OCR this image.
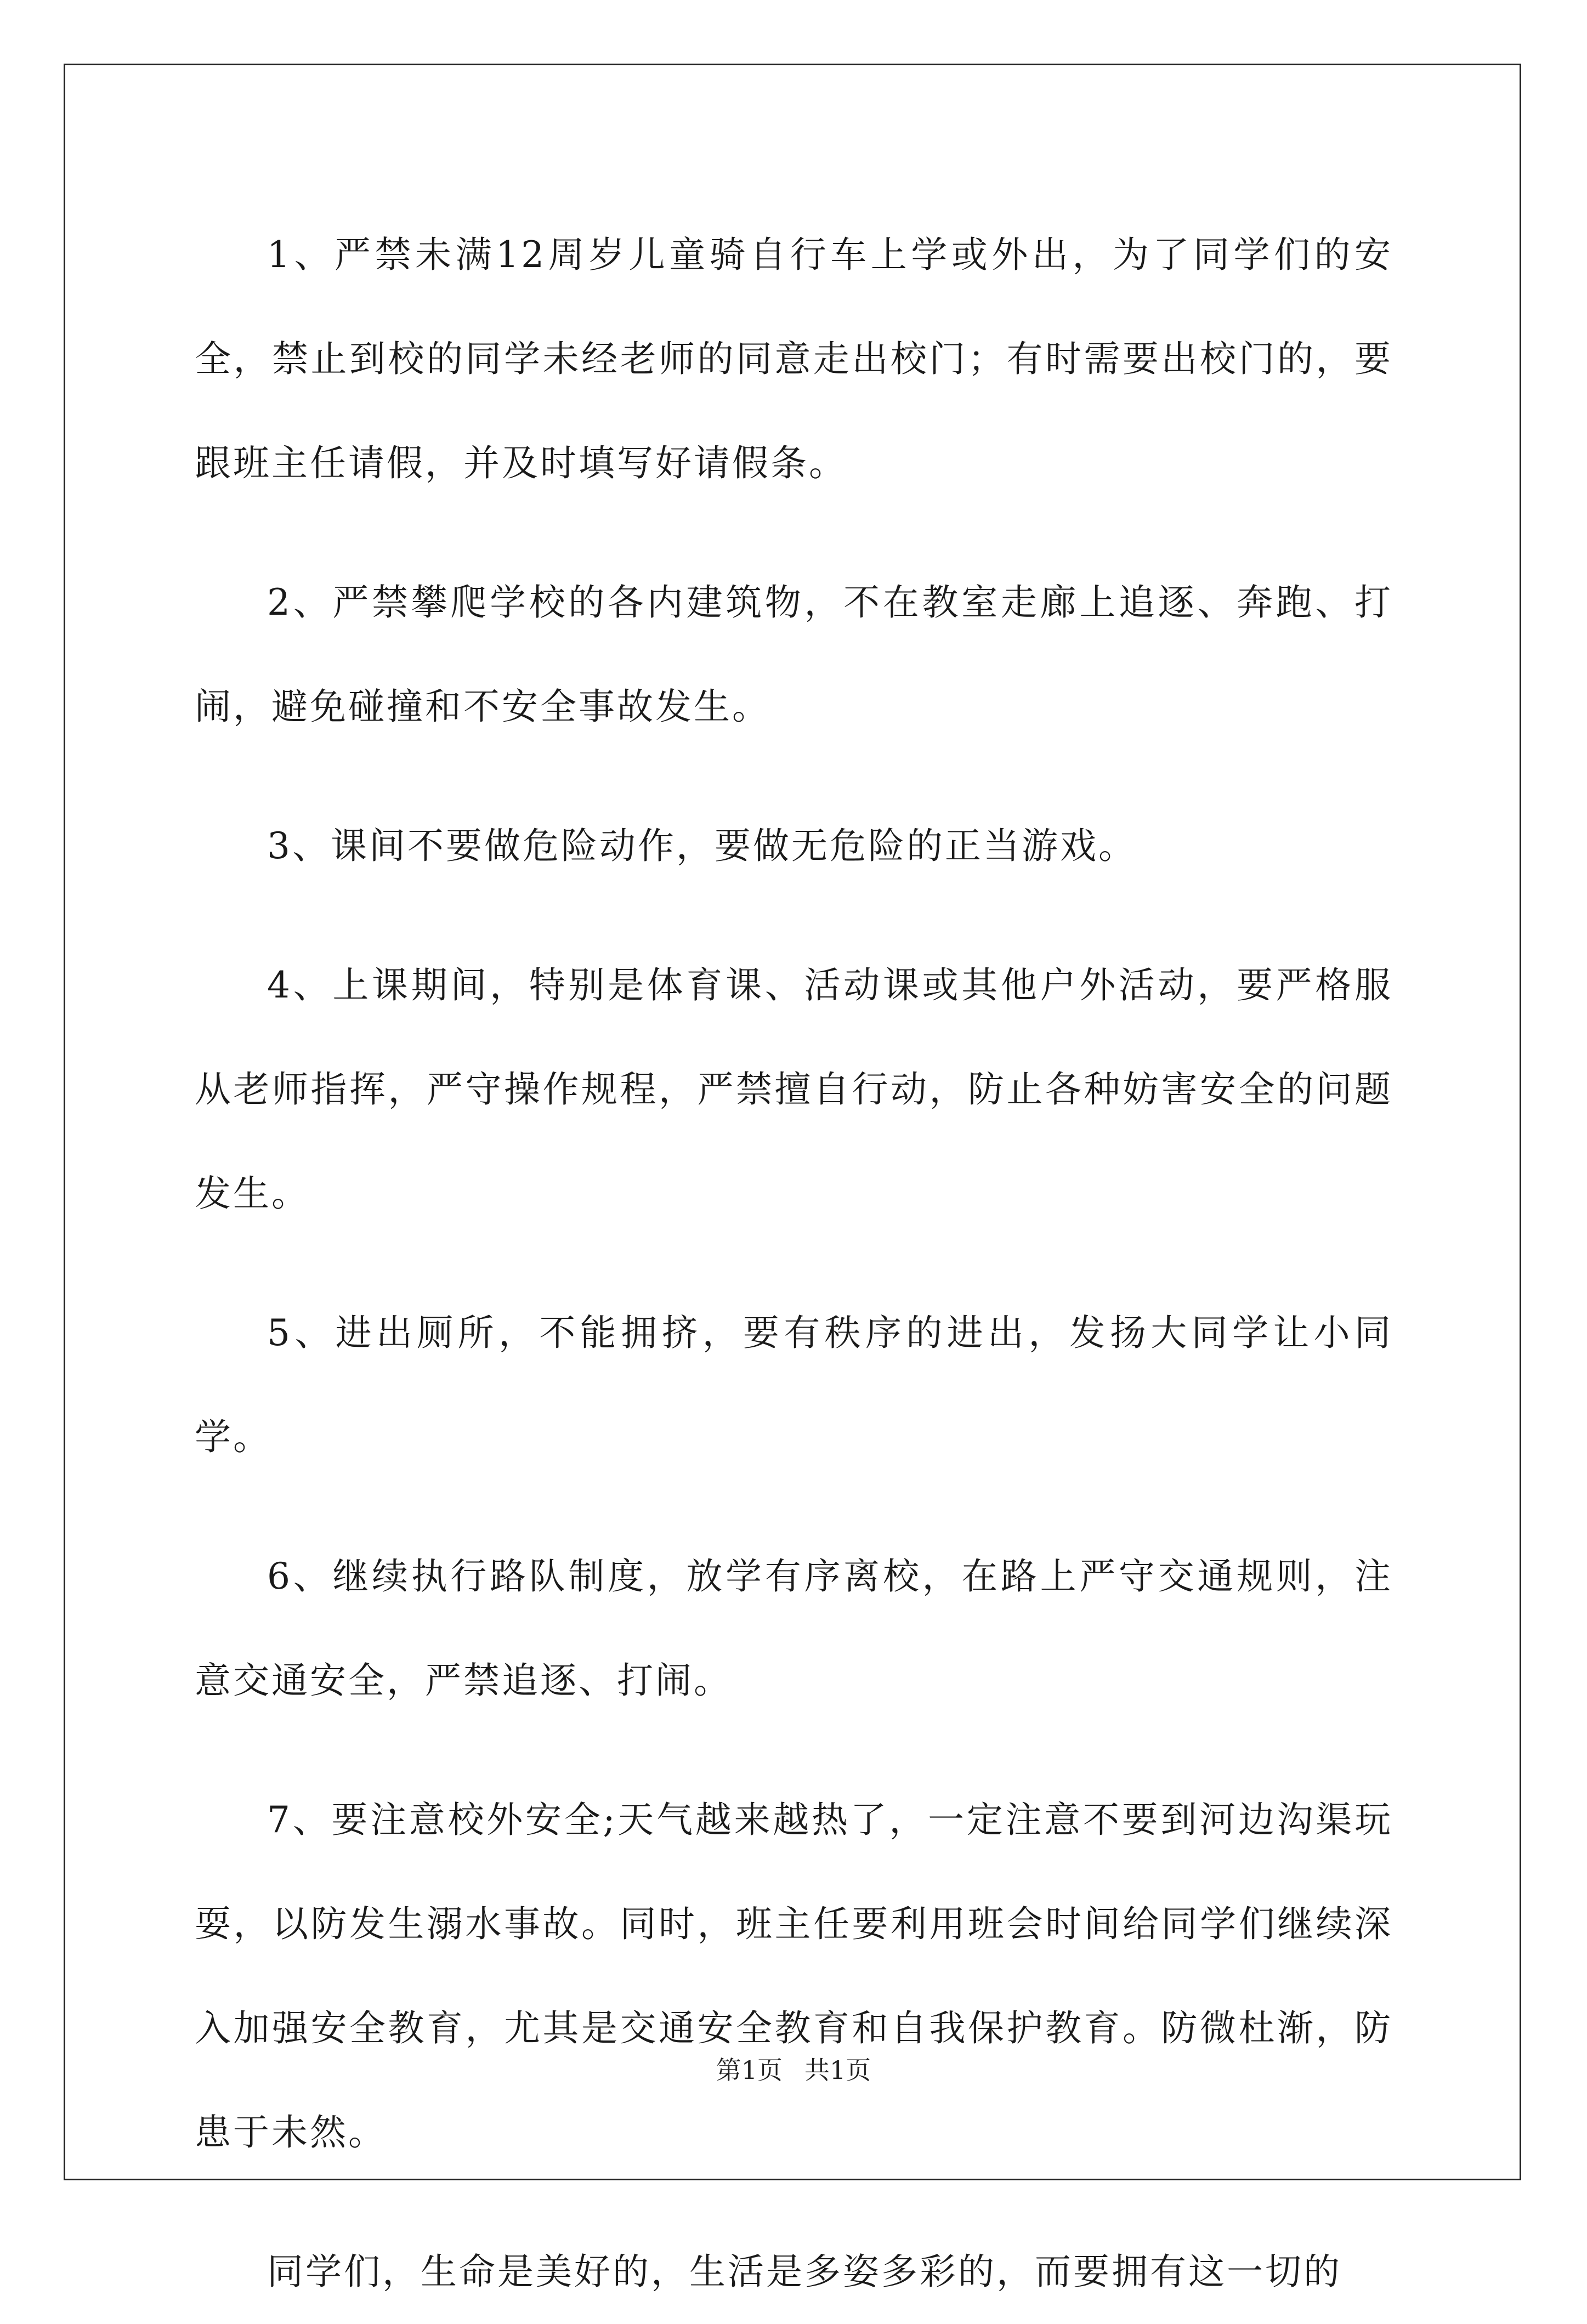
1、严禁未满12周岁儿童骑自行车上学或外出，为了同学们的安全，禁止到校的同学未经老师的同意走出校门；有时需要出校门的，要跟班主任请假，并及时填写好请假条。

2、严禁攀爬学校的各内建筑物，不在教室走廊上追逐、奔跑、打闹，避免碰撞和不安全事故发生。

3、课间不要做危险动作，要做无危险的正当游戏。

4、上课期间，特别是体育课、活动课或其他户外活动，要严格服从老师指挥，严守操作规程，严禁擅自行动，防止各种妨害安全的问题发生。

5、进出厕所，不能拥挤，要有秩序的进出，发扬大同学让小同学。

6、继续执行路队制度，放学有序离校，在路上严守交通规则，注意交通安全，严禁追逐、打闹。

7、要注意校外安全;天气越来越热了，一定注意不要到河边沟渠玩耍，以防发生溺水事故。同时，班主任要利用班会时间给同学们继续深入加强安全教育，尤其是交通安全教育和自我保护教育。防微杜渐，防患于未然。

同学们，生命是美好的，生活是多姿多彩的，而要拥有这一切的

第1页 共1页
